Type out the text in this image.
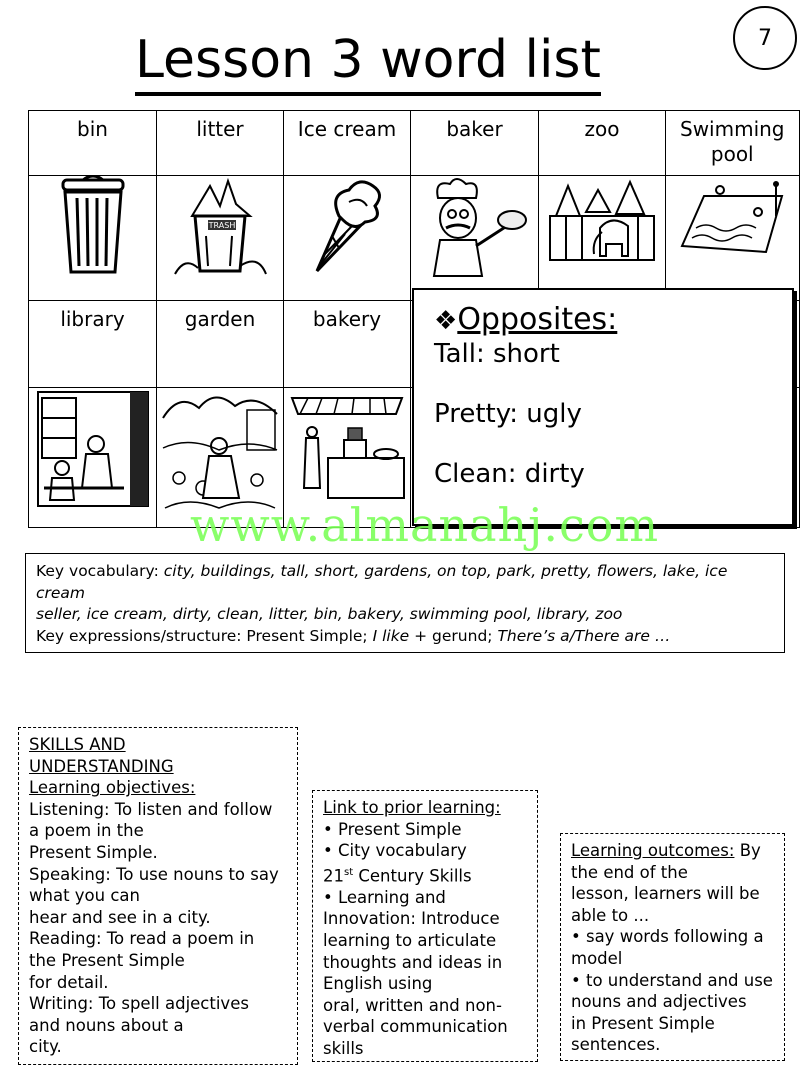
Lesson 3 word list	7
bin	litter	Ice cream	baker	zoo	Swimming pool

TRASH

library	garden	bakery			

				❖Opposites:
Tall: short
Pretty: ugly
Clean: dirty
www.almanahj.com
Key vocabulary: city, buildings, tall, short, gardens, on top, park, pretty, flowers, lake, ice cream
seller, ice cream, dirty, clean, litter, bin, bakery, swimming pool, library, zoo
Key expressions/structure: Present Simple; I like + gerund; There’s a/There are …
SKILLS AND
UNDERSTANDING
Learning objectives:
Listening: To listen and follow
a poem in the
Present Simple.
Speaking: To use nouns to say
what you can
hear and see in a city.
Reading: To read a poem in
the Present Simple
for detail.
Writing: To spell adjectives
and nouns about a
city.
Link to prior learning:
• Present Simple
• City vocabulary
21st Century Skills
• Learning and
Innovation: Introduce
learning to articulate
thoughts and ideas in
English using
oral, written and non-
verbal communication
skills
Learning outcomes: By
the end of the
lesson, learners will be
able to ...
• say words following a
model
• to understand and use
nouns and adjectives
in Present Simple
sentences.
